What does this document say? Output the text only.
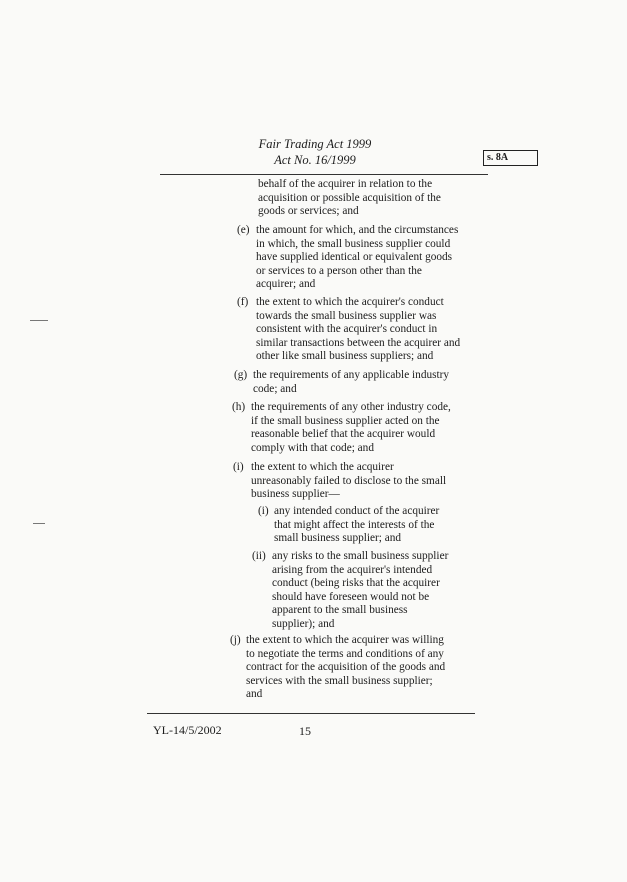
Fair Trading Act 1999
Act No. 16/1999	s. 8A
behalf of the acquirer in relation to the
acquisition or possible acquisition of the
goods or services; and
(e) the amount for which, and the circumstances
in which, the small business supplier could
have supplied identical or equivalent goods
or services to a person other than the
acquirer; and
(f) the extent to which the acquirer's conduct
towards the small business supplier was
consistent with the acquirer's conduct in
similar transactions between the acquirer and
other like small business suppliers; and
(g) the requirements of any applicable industry
code; and
(h) the requirements of any other industry code,
if the small business supplier acted on the
reasonable belief that the acquirer would
comply with that code; and
(i) the extent to which the acquirer
unreasonably failed to disclose to the small
business supplier—
(i) any intended conduct of the acquirer
that might affect the interests of the
small business supplier; and
(ii) any risks to the small business supplier
arising from the acquirer's intended
conduct (being risks that the acquirer
should have foreseen would not be
apparent to the small business
supplier); and
(j) the extent to which the acquirer was willing
to negotiate the terms and conditions of any
contract for the acquisition of the goods and
services with the small business supplier;
and
YL-14/5/2002	15
